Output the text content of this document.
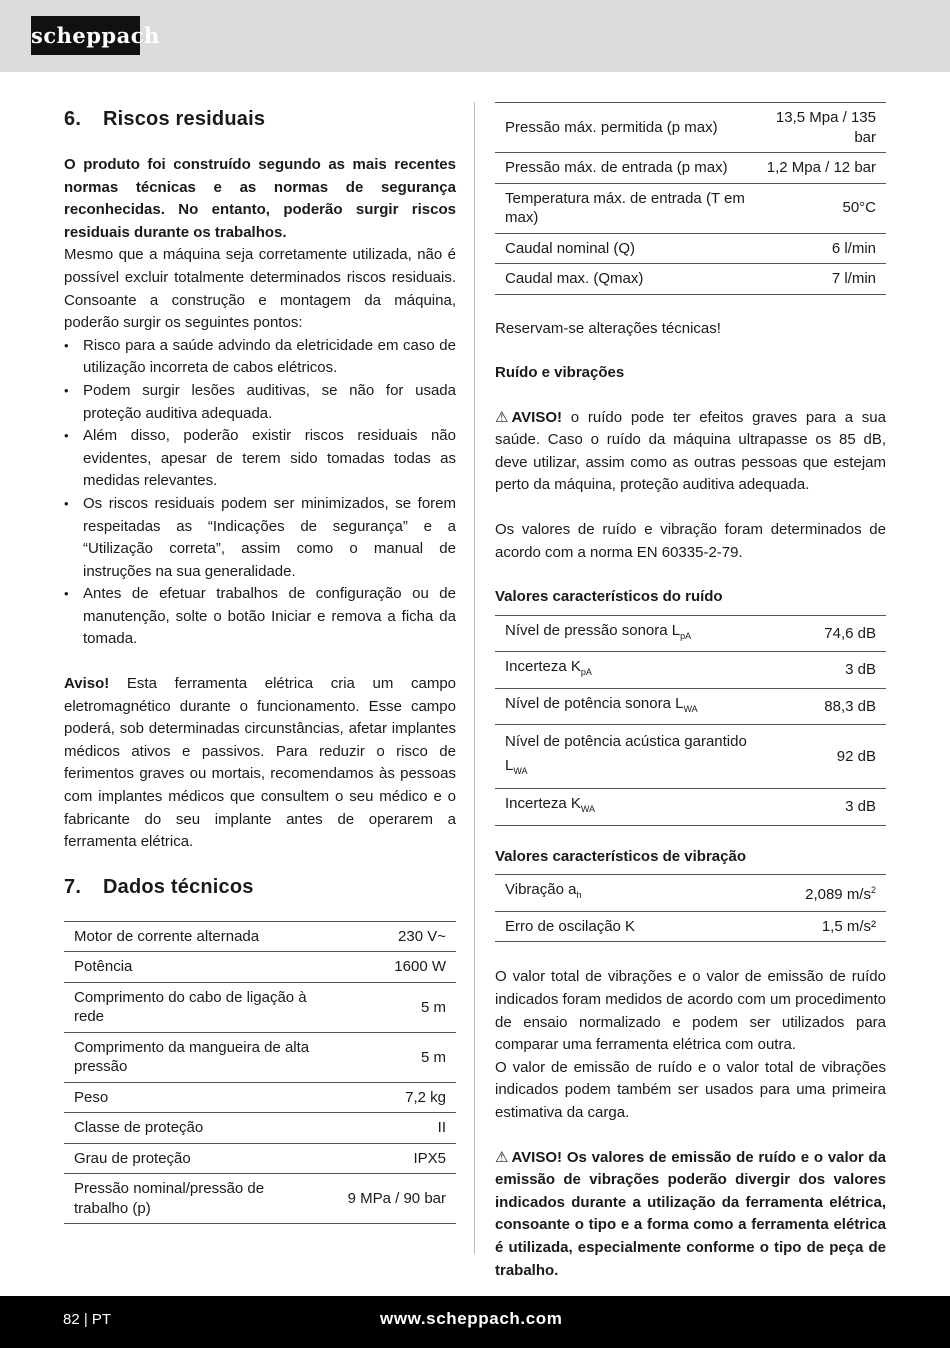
scheppach
6.	Riscos residuais

O produto foi construído segundo as mais recentes normas técnicas e as normas de segurança reconhecidas. No entanto, poderão surgir riscos residuais durante os trabalhos.

Mesmo que a máquina seja corretamente utilizada, não é possível excluir totalmente determinados riscos residuais. Consoante a construção e montagem da máquina, poderão surgir os seguintes pontos:

• Risco para a saúde advindo da eletricidade em caso de utilização incorreta de cabos elétricos.
• Podem surgir lesões auditivas, se não for usada proteção auditiva adequada.
• Além disso, poderão existir riscos residuais não evidentes, apesar de terem sido tomadas todas as medidas relevantes.
• Os riscos residuais podem ser minimizados, se forem respeitadas as “Indicações de segurança” e a “Utilização correta”, assim como o manual de instruções na sua generalidade.
• Antes de efetuar trabalhos de configuração ou de manutenção, solte o botão Iniciar e remova a ficha da tomada.

Aviso! Esta ferramenta elétrica cria um campo eletromagnético durante o funcionamento. Esse campo poderá, sob determinadas circunstâncias, afetar implantes médicos ativos e passivos. Para reduzir o risco de ferimentos graves ou mortais, recomendamos às pessoas com implantes médicos que consultem o seu médico e o fabricante do seu implante antes de operarem a ferramenta elétrica.

7.	Dados técnicos
Motor de corrente alternada	230 V~
Potência	1600 W
Comprimento do cabo de ligação à rede	5 m
Comprimento da mangueira de alta pressão	5 m
Peso	7,2 kg
Classe de proteção	II
Grau de proteção	IPX5
Pressão nominal/pressão de trabalho (p)	9 MPa / 90 bar
Pressão máx. permitida (p max)	13,5 Mpa / 135 bar
Pressão máx. de entrada (p max)	1,2 Mpa / 12 bar
Temperatura máx. de entrada (T em max)	50°C
Caudal nominal (Q)	6 l/min
Caudal max. (Qmax)	7 l/min

Reservam-se alterações técnicas!

Ruído e vibrações

⚠ AVISO! o ruído pode ter efeitos graves para a sua saúde. Caso o ruído da máquina ultrapasse os 85 dB, deve utilizar, assim como as outras pessoas que estejam perto da máquina, proteção auditiva adequada.

Os valores de ruído e vibração foram determinados de acordo com a norma EN 60335-2-79.

Valores característicos do ruído

Nível de pressão sonora $L_{pA}$	74,6 dB
Incerteza $K_{pA}$	3 dB
Nível de potência sonora $L_{WA}$	88,3 dB
Nível de potência acústica garantido $L_{WA}$	92 dB
Incerteza $K_{WA}$	3 dB

Valores característicos de vibração

Vibração $a_h$	2,089 $m/s^2$
Erro de oscilação K	1,5 m/s²

O valor total de vibrações e o valor de emissão de ruído indicados foram medidos de acordo com um procedimento de ensaio normalizado e podem ser utilizados para comparar uma ferramenta elétrica com outra.

O valor de emissão de ruído e o valor total de vibrações indicados podem também ser usados para uma primeira estimativa da carga.

⚠ AVISO! Os valores de emissão de ruído e o valor da emissão de vibrações poderão divergir dos valores indicados durante a utilização da ferramenta elétrica, consoante o tipo e a forma como a ferramenta elétrica é utilizada, especialmente conforme o tipo de peça de trabalho.

82 | PT	www.scheppach.com
